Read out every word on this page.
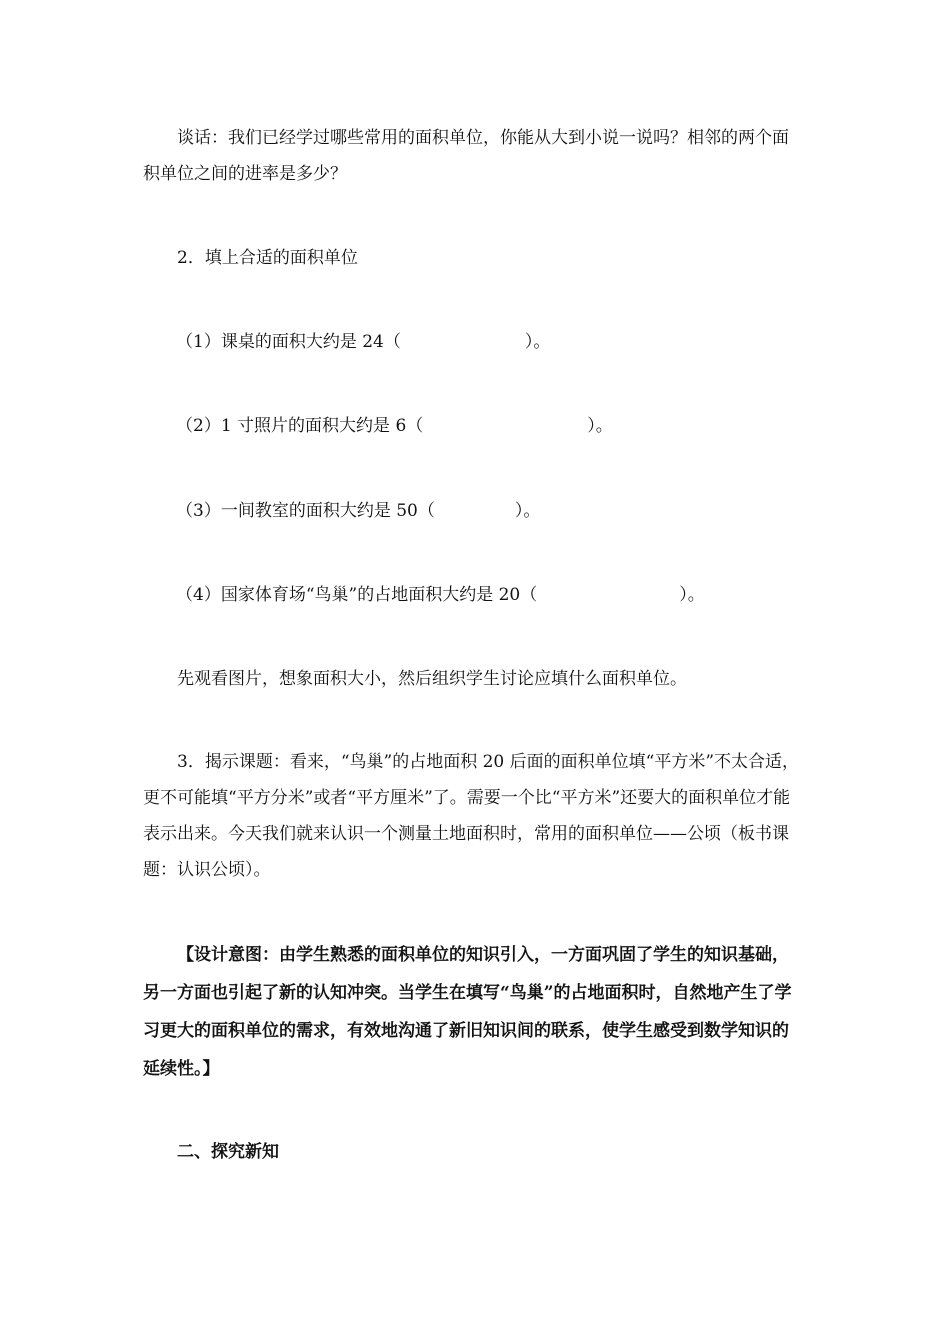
谈话：我们已经学过哪些常用的面积单位，你能从大到小说一说吗？相邻的两个面积单位之间的进率是多少？

2．填上合适的面积单位

（1）课桌的面积大约是 24（	）。

（2）1 寸照片的面积大约是 6（	）。

（3）一间教室的面积大约是 50（	）。

（4）国家体育场“鸟巢”的占地面积大约是 20（	）。

先观看图片，想象面积大小，然后组织学生讨论应填什么面积单位。

3．揭示课题：看来，“鸟巢”的占地面积 20 后面的面积单位填“平方米”不太合适，更不可能填“平方分米”或者“平方厘米”了。需要一个比“平方米”还要大的面积单位才能表示出来。今天我们就来认识一个测量土地面积时，常用的面积单位——公顷（板书课题：认识公顷）。

【设计意图：由学生熟悉的面积单位的知识引入，一方面巩固了学生的知识基础，另一方面也引起了新的认知冲突。当学生在填写“鸟巢”的占地面积时，自然地产生了学习更大的面积单位的需求，有效地沟通了新旧知识间的联系，使学生感受到数学知识的延续性。】

二、探究新知
